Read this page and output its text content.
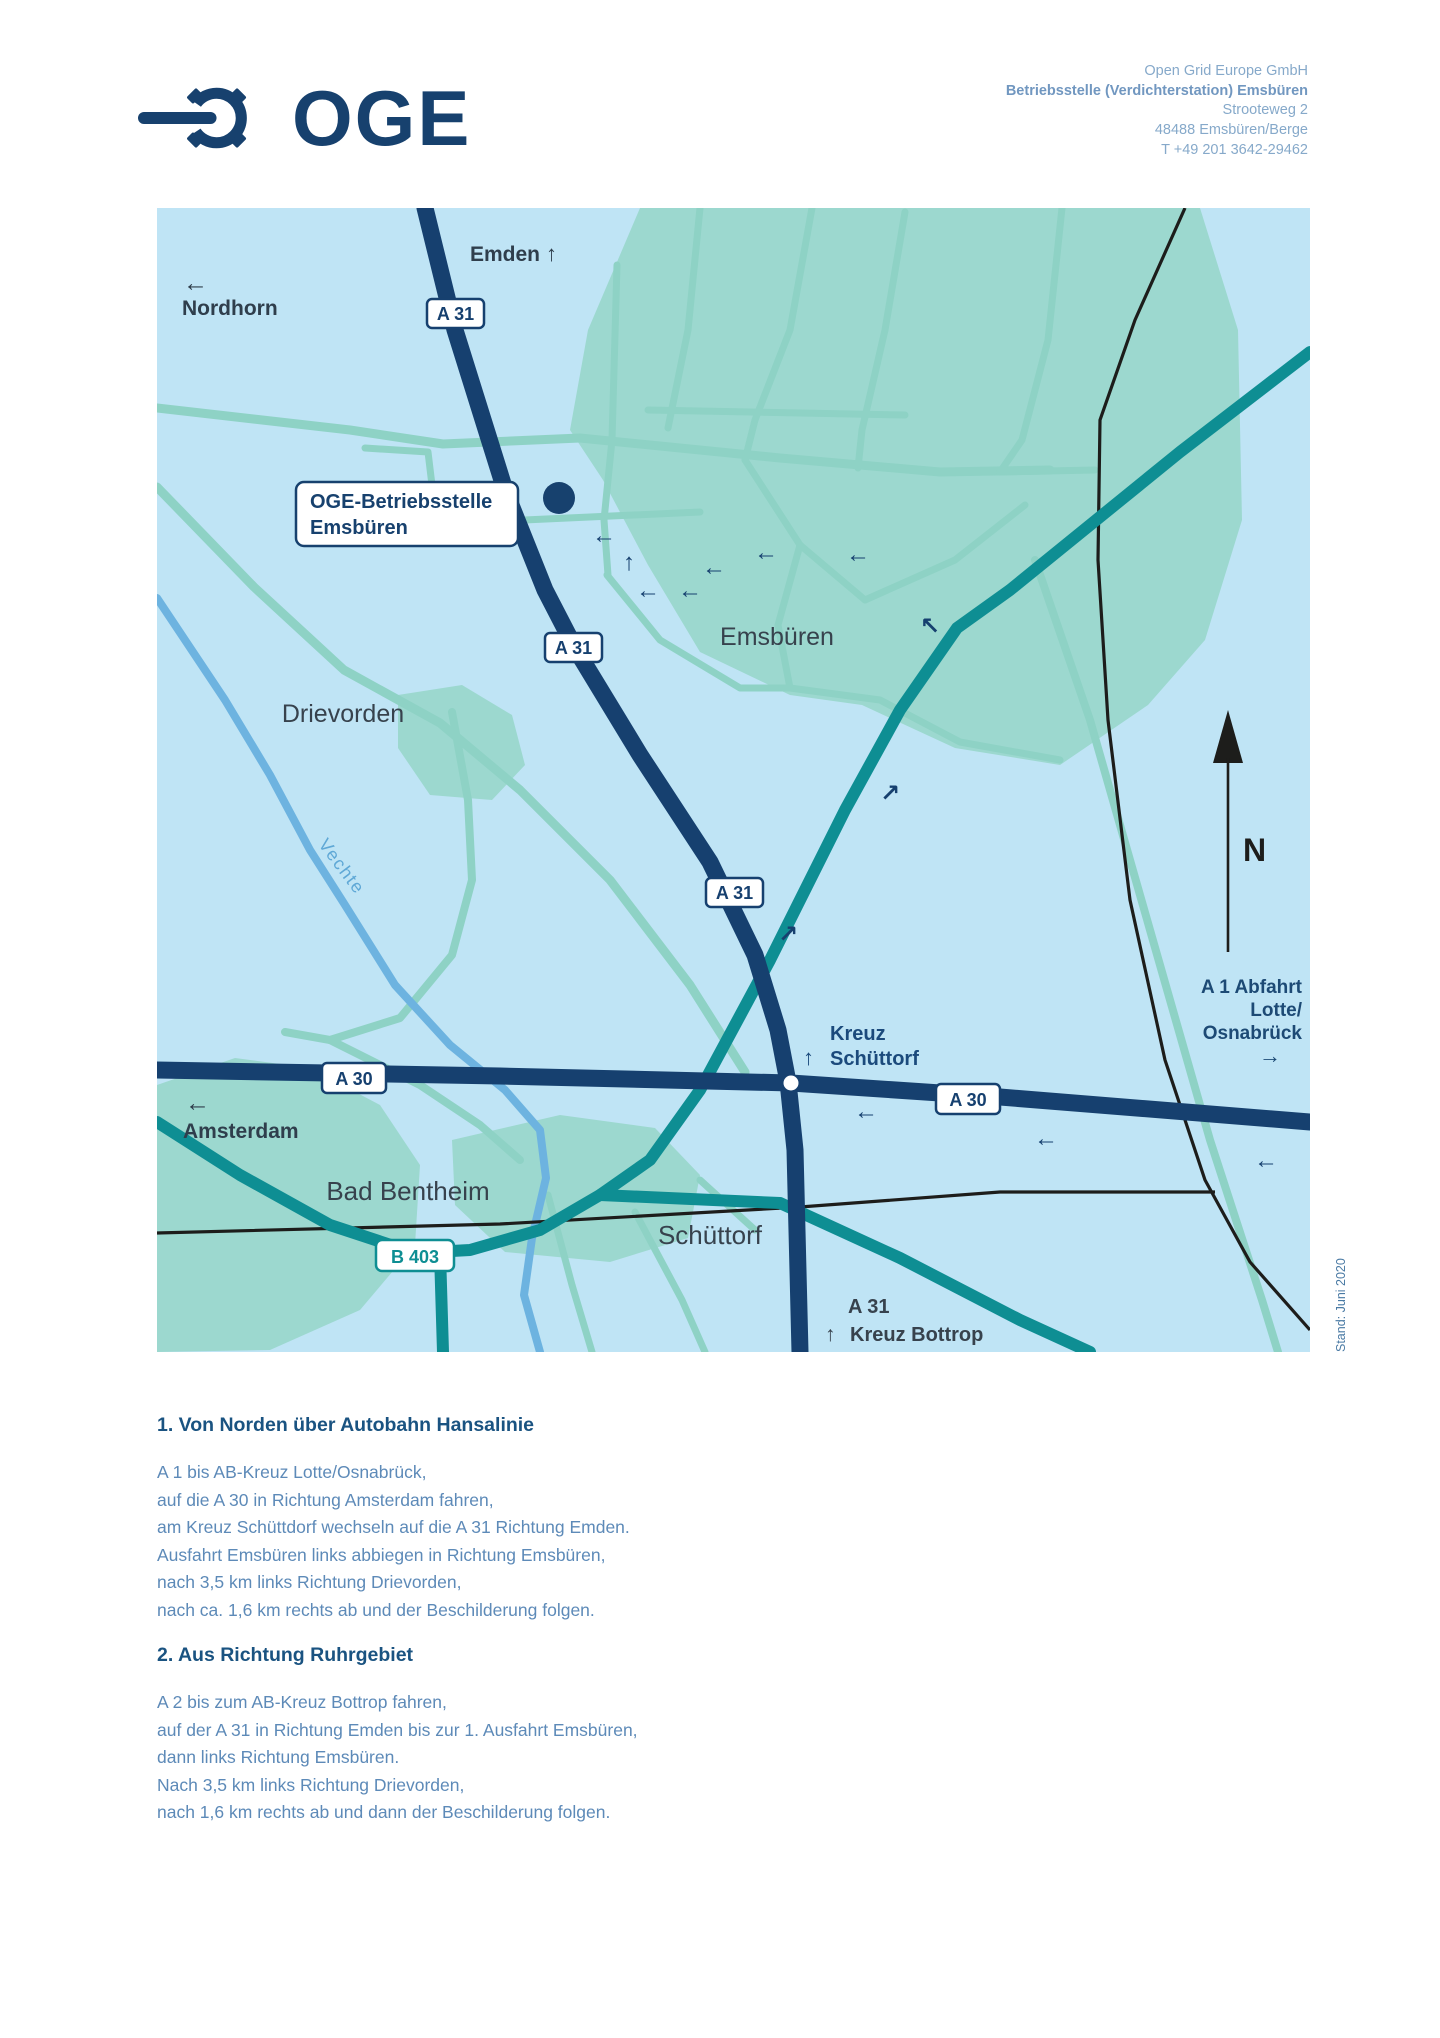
OGE
Open Grid Europe GmbH
Betriebsstelle (Verdichterstation) Emsbüren
Strooteweg 2
48488 Emsbüren/Berge
T +49 201 3642-29462
A 31
A 31
A 31
A 30
A 30
B 403
Drievorden
Emsbüren
Bad Bentheim
Schüttorf
Vechte
Emden ↑
←
Nordhorn
←
Amsterdam
Kreuz
Schüttorf
↑
A 1 Abfahrt
Lotte/
Osnabrück
→
A 31
↑ Kreuz Bottrop
N
←
↑
← ←
←
←	←
↖
↗
↗
←
←
←
OGE-Betriebsstelle
Emsbüren
Stand: Juni 2020
1. Von Norden über Autobahn Hansalinie
A 1 bis AB-Kreuz Lotte/Osnabrück,
auf die A 30 in Richtung Amsterdam fahren,
am Kreuz Schüttdorf wechseln auf die A 31 Richtung Emden.
Ausfahrt Emsbüren links abbiegen in Richtung Emsbüren,
nach 3,5 km links Richtung Drievorden,
nach ca. 1,6 km rechts ab und der Beschilderung folgen.
2. Aus Richtung Ruhrgebiet
A 2 bis zum AB-Kreuz Bottrop fahren,
auf der A 31 in Richtung Emden bis zur 1. Ausfahrt Emsbüren,
dann links Richtung Emsbüren.
Nach 3,5 km links Richtung Drievorden,
nach 1,6 km rechts ab und dann der Beschilderung folgen.
